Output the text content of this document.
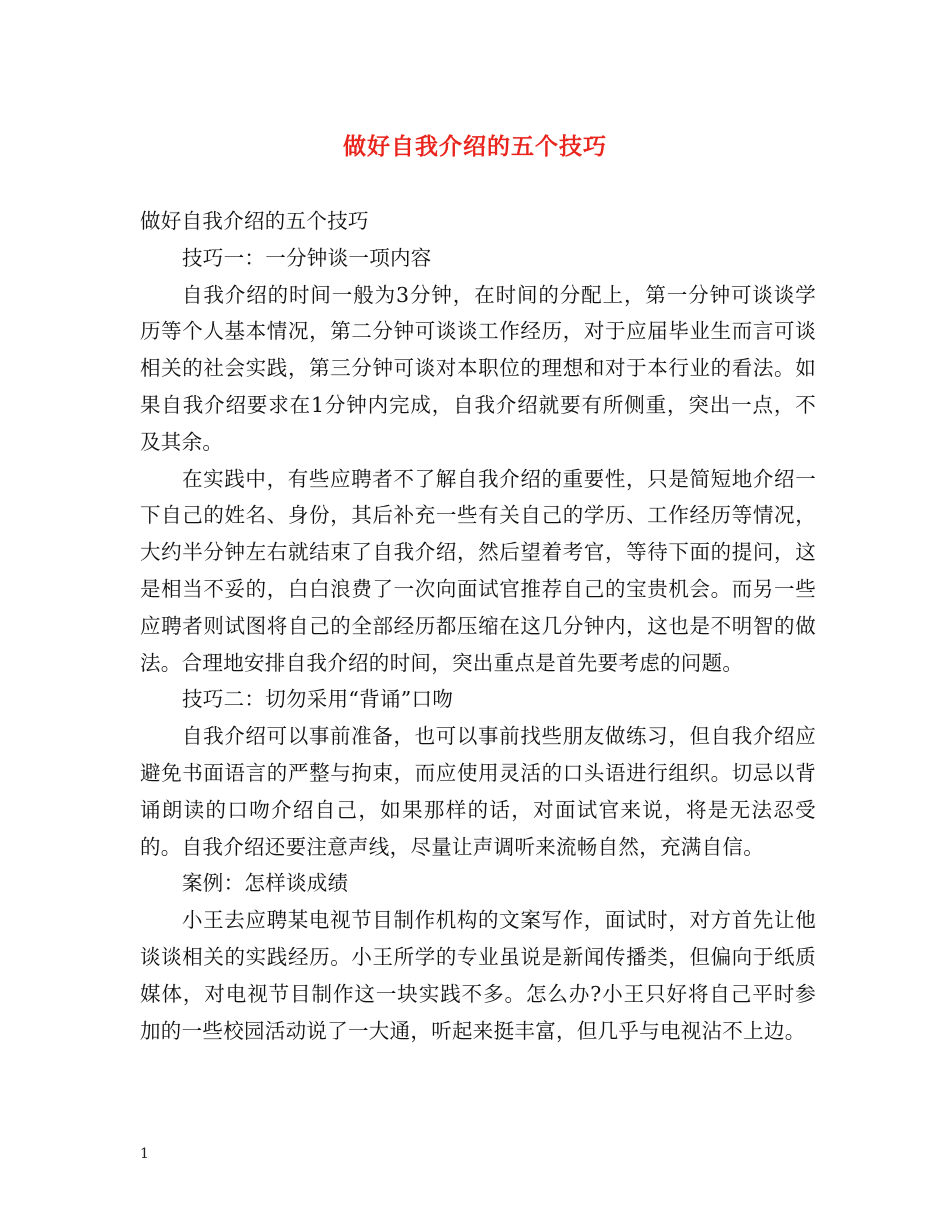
做好自我介绍的五个技巧

做好自我介绍的五个技巧

技巧一：一分钟谈一项内容

自我介绍的时间一般为3分钟，在时间的分配上，第一分钟可谈谈学历等个人基本情况，第二分钟可谈谈工作经历，对于应届毕业生而言可谈相关的社会实践，第三分钟可谈对本职位的理想和对于本行业的看法。如果自我介绍要求在1分钟内完成，自我介绍就要有所侧重，突出一点，不及其余。

在实践中，有些应聘者不了解自我介绍的重要性，只是简短地介绍一下自己的姓名、身份，其后补充一些有关自己的学历、工作经历等情况，大约半分钟左右就结束了自我介绍，然后望着考官，等待下面的提问，这是相当不妥的，白白浪费了一次向面试官推荐自己的宝贵机会。而另一些应聘者则试图将自己的全部经历都压缩在这几分钟内，这也是不明智的做法。合理地安排自我介绍的时间，突出重点是首先要考虑的问题。

技巧二：切勿采用“背诵”口吻

自我介绍可以事前准备，也可以事前找些朋友做练习，但自我介绍应避免书面语言的严整与拘束，而应使用灵活的口头语进行组织。切忌以背诵朗读的口吻介绍自己，如果那样的话，对面试官来说，将是无法忍受的。自我介绍还要注意声线，尽量让声调听来流畅自然，充满自信。

案例：怎样谈成绩

小王去应聘某电视节目制作机构的文案写作，面试时，对方首先让他谈谈相关的实践经历。小王所学的专业虽说是新闻传播类，但偏向于纸质媒体，对电视节目制作这一块实践不多。怎么办?小王只好将自己平时参加的一些校园活动说了一大通，听起来挺丰富，但几乎与电视沾不上边。

1
